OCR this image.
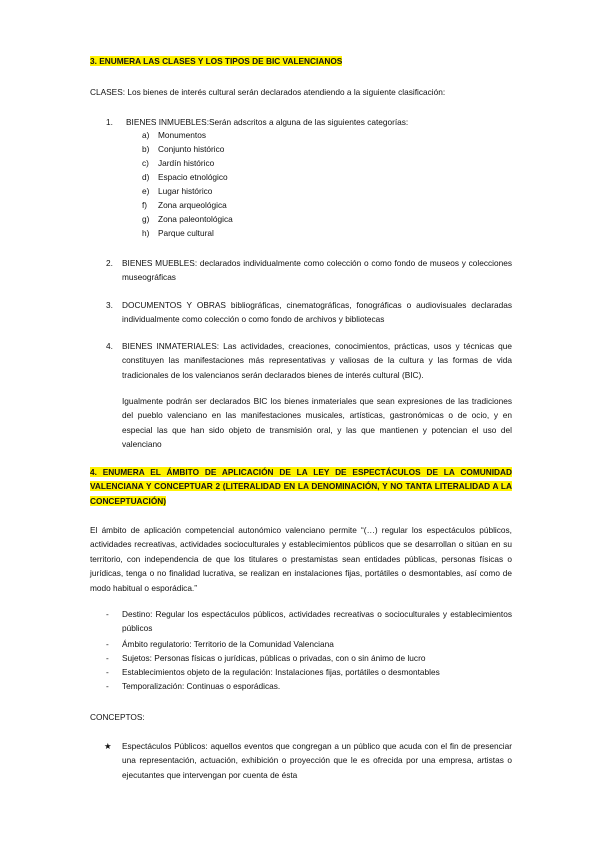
3. ENUMERA LAS CLASES Y LOS TIPOS DE BIC VALENCIANOS
CLASES: Los bienes de interés cultural serán declarados atendiendo a la siguiente clasificación:
1. BIENES INMUEBLES:Serán adscritos a alguna de las siguientes categorías:
a) Monumentos
b) Conjunto histórico
c) Jardín histórico
d) Espacio etnológico
e) Lugar histórico
f) Zona arqueológica
g) Zona paleontológica
h) Parque cultural
2. BIENES MUEBLES: declarados individualmente como colección o como fondo de museos y colecciones museográficas
3. DOCUMENTOS Y OBRAS bibliográficas, cinematográficas, fonográficas o audiovisuales declaradas individualmente como colección o como fondo de archivos y bibliotecas
4. BIENES INMATERIALES: Las actividades, creaciones, conocimientos, prácticas, usos y técnicas que constituyen las manifestaciones más representativas y valiosas de la cultura y las formas de vida tradicionales de los valencianos serán declarados bienes de interés cultural (BIC).
Igualmente podrán ser declarados BIC los bienes inmateriales que sean expresiones de las tradiciones del pueblo valenciano en las manifestaciones musicales, artísticas, gastronómicas o de ocio, y en especial las que han sido objeto de transmisión oral, y las que mantienen y potencian el uso del valenciano
4. ENUMERA EL ÁMBITO DE APLICACIÓN DE LA LEY DE ESPECTÁCULOS DE LA COMUNIDAD VALENCIANA Y CONCEPTUAR 2 (LITERALIDAD EN LA DENOMINACIÓN, Y NO TANTA LITERALIDAD A LA CONCEPTUACIÓN)
El ámbito de aplicación competencial autonómico valenciano permite “(…) regular los espectáculos públicos, actividades recreativas, actividades socioculturales y establecimientos públicos que se desarrollan o sitúan en su territorio, con independencia de que los titulares o prestamistas sean entidades públicas, personas físicas o jurídicas, tenga o no finalidad lucrativa, se realizan en instalaciones fijas, portátiles o desmontables, así como de modo habitual o esporádica.”
- Destino: Regular los espectáculos públicos, actividades recreativas o socioculturales y establecimientos públicos
- Ámbito regulatorio: Territorio de la Comunidad Valenciana
- Sujetos: Personas físicas o jurídicas, públicas o privadas, con o sin ánimo de lucro
- Establecimientos objeto de la regulación: Instalaciones fijas, portátiles o desmontables
- Temporalización: Continuas o esporádicas.
CONCEPTOS:
★ Espectáculos Públicos: aquellos eventos que congregan a un público que acuda con el fin de presenciar una representación, actuación, exhibición o proyección que le es ofrecida por una empresa, artistas o ejecutantes que intervengan por cuenta de ésta
